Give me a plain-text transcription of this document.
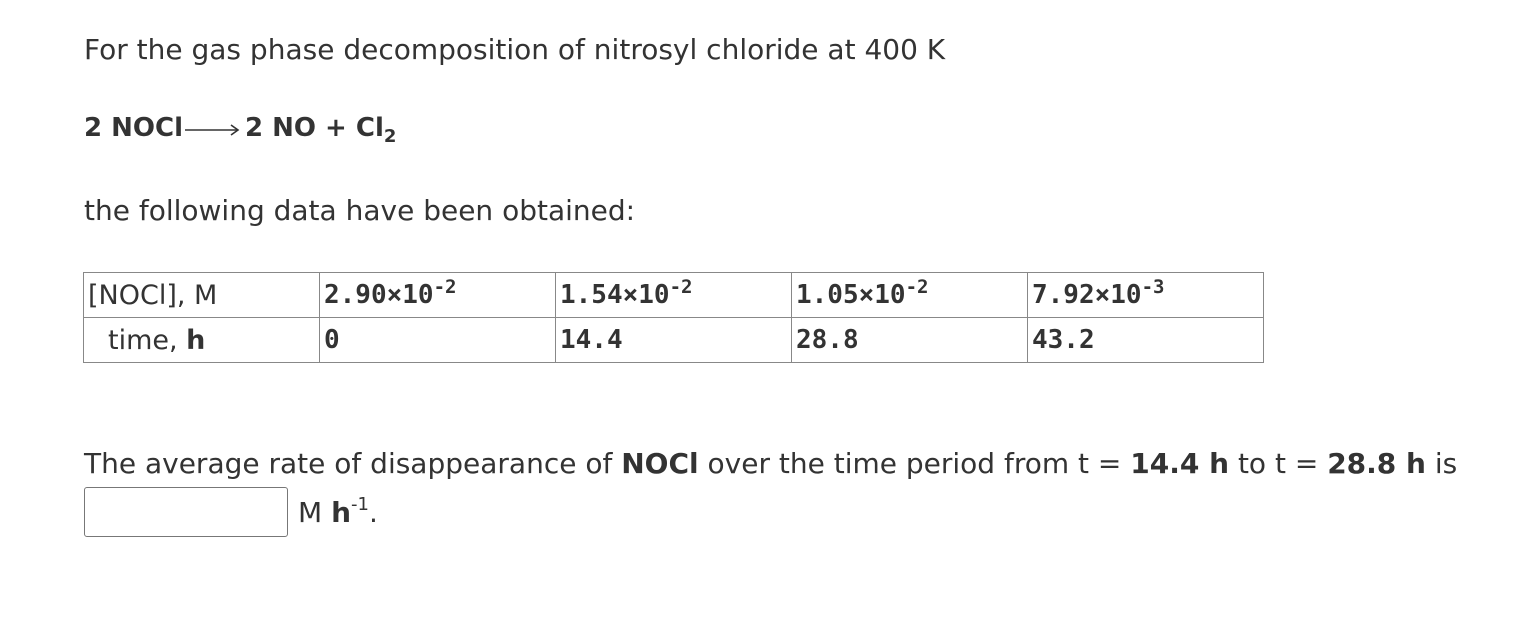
For the gas phase decomposition of nitrosyl chloride at 400 K
2 NOCl → 2 NO + $Cl_2$
the following data have been obtained:
[NOCl], M	$2.90\times 10^{-2}$	$1.54\times 10^{-2}$	$1.05\times 10^{-2}$	$7.92\times 10^{-3}$
time, h	0	14.4	28.8	43.2
The average rate of disappearance of NOCl over the time period from t = 14.4 h to t = 28.8 h is
M $h^{-1}$.
